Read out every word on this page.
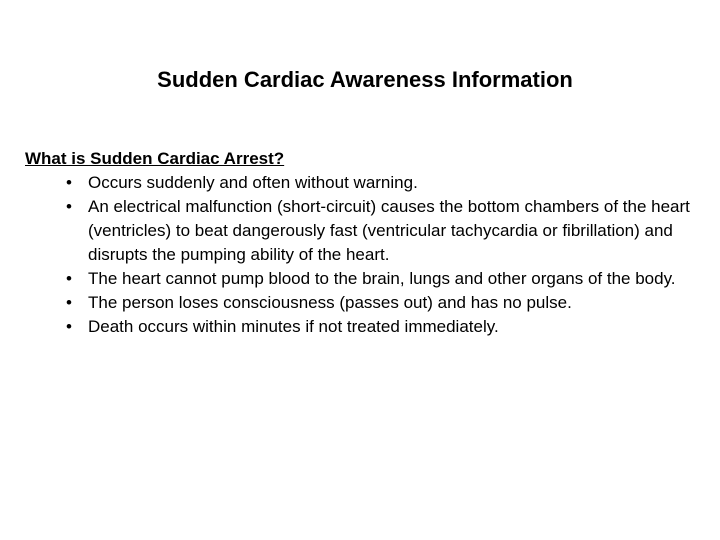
Sudden Cardiac Awareness Information

What is Sudden Cardiac Arrest?

• Occurs suddenly and often without warning.
• An electrical malfunction (short-circuit) causes the bottom chambers of the heart (ventricles) to beat dangerously fast (ventricular tachycardia or fibrillation) and disrupts the pumping ability of the heart.
• The heart cannot pump blood to the brain, lungs and other organs of the body.
• The person loses consciousness (passes out) and has no pulse.
• Death occurs within minutes if not treated immediately.
